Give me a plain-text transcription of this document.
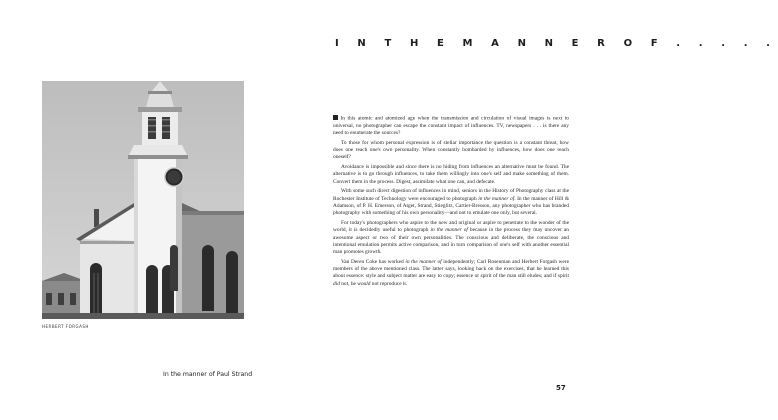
I N T H E M A N N E R O F . . . . .
HERBERT FORGASH
In the manner of Paul Strand

In this atomic and atomized age when the transmission and circulation of visual images is next to universal, no photographer can escape the constant impact of influences. TV, newspapers . . . is there any need to enumerate the sources?

To those for whom personal expression is of stellar importance the question is a constant threat, how does one reach one's own personality. When constantly bombarded by influences, how does one reach oneself?

Avoidance is impossible and since there is no hiding from influences an alternative must be found. The alternative is to go through influences, to take them willingly into one's self and make something of them. Convert them in the process. Digest, assimilate what one can, and defecate.

With some such direct digestion of influences in mind, seniors in the History of Photography class at the Rochester Institute of Technology were encouraged to photograph in the manner of. In the manner of Hill & Adamson, of P. H. Emerson, of Atget, Strand, Stieglitz, Cartier-Bresson, any photographer who has branded photography with something of his own personality—and not to emulate one only, but several.

For today's photographers who aspire to the new and original or aspire to penetrate to the wonder of the world, it is decidedly useful to photograph in the manner of because in the process they may uncover an awesome aspect or two of their own personalities. The conscious and deliberate, the conscious and intentional emulation permits active comparison, and in turn comparison of one's self with another essential man promotes growth.

Van Deren Coke has worked in the manner of independently; Carl Rosenman and Herbert Forgash were members of the above mentioned class. The latter says, looking back on the exercises, that he learned this about essence: style and subject matter are easy to copy; essence or spirit of the man still eludes; and if spirit did not, he would not reproduce it.

57
